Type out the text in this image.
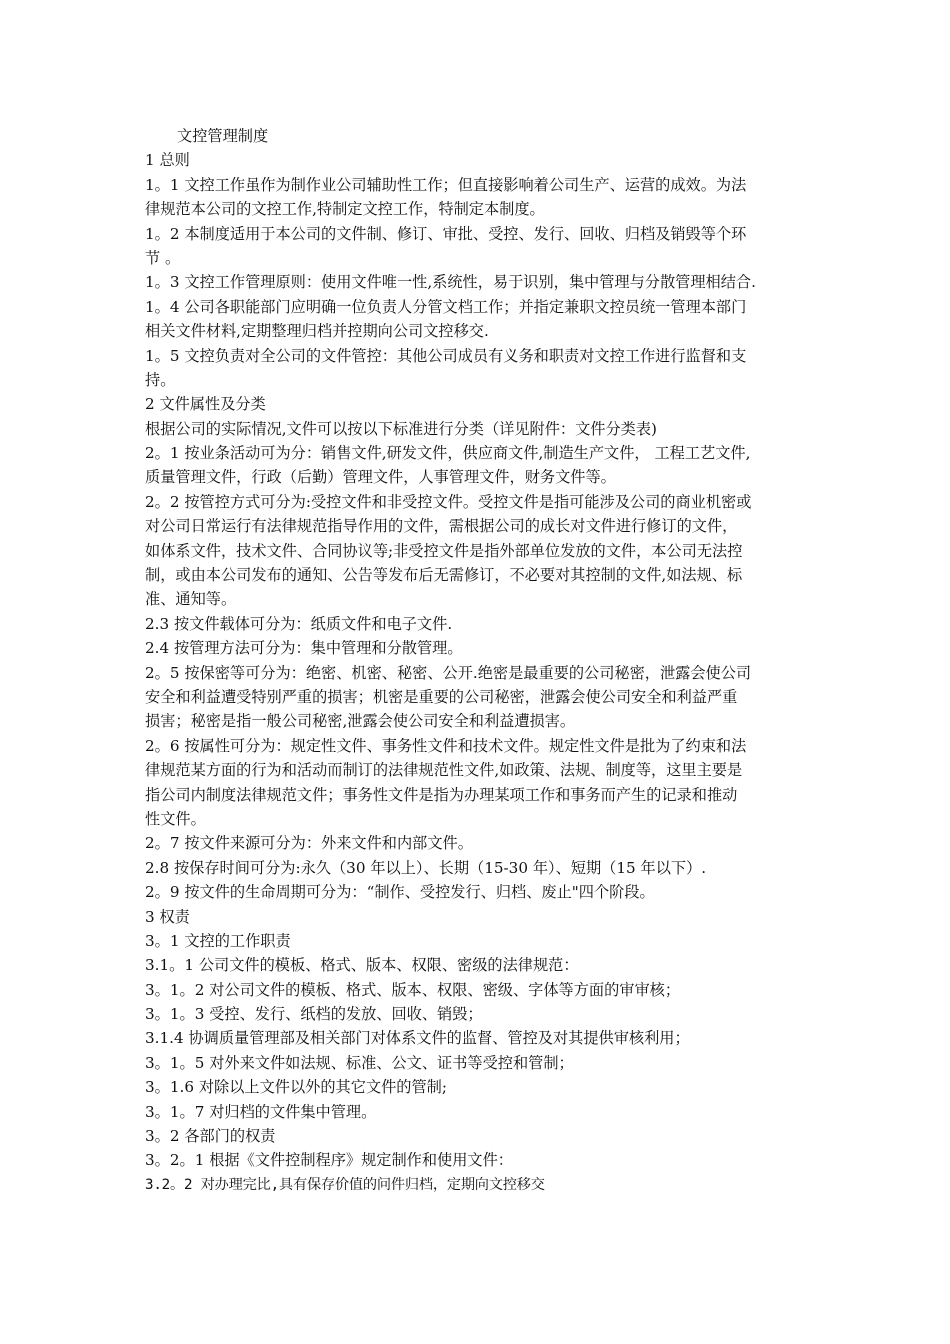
文控管理制度
1 总则
1。1 文控工作虽作为制作业公司辅助性工作；但直接影响着公司生产、运营的成效。为法
律规范本公司的文控工作,特制定文控工作，特制定本制度。
1。2 本制度适用于本公司的文件制、修订、审批、受控、发行、回收、归档及销毁等个环
节 。
1。3 文控工作管理原则：使用文件唯一性,系统性，易于识别，集中管理与分散管理相结合.
1。4 公司各职能部门应明确一位负责人分管文档工作；并指定兼职文控员统一管理本部门
相关文件材料,定期整理归档并控期向公司文控移交.
1。5 文控负责对全公司的文件管控：其他公司成员有义务和职责对文控工作进行监督和支
持。
2 文件属性及分类
根据公司的实际情况,文件可以按以下标准进行分类（详见附件：文件分类表)
2。1 按业条活动可为分：销售文件,研发文件，供应商文件,制造生产文件， 工程工艺文件,
质量管理文件，行政（后勤）管理文件，人事管理文件，财务文件等。
2。2 按管控方式可分为:受控文件和非受控文件。受控文件是指可能涉及公司的商业机密或
对公司日常运行有法律规范指导作用的文件，需根据公司的成长对文件进行修订的文件，
如体系文件，技术文件、合同协议等;非受控文件是指外部单位发放的文件，本公司无法控
制，或由本公司发布的通知、公告等发布后无需修订，不必要对其控制的文件,如法规、标
准、通知等。
2.3 按文件载体可分为：纸质文件和电子文件.
2.4 按管理方法可分为：集中管理和分散管理。
2。5 按保密等可分为：绝密、机密、秘密、公开.绝密是最重要的公司秘密，泄露会使公司
安全和利益遭受特别严重的损害；机密是重要的公司秘密，泄露会使公司安全和利益严重
损害；秘密是指一般公司秘密,泄露会使公司安全和利益遭损害。
2。6 按属性可分为：规定性文件、事务性文件和技术文件。规定性文件是批为了约束和法
律规范某方面的行为和活动而制订的法律规范性文件,如政策、法规、制度等，这里主要是
指公司内制度法律规范文件；事务性文件是指为办理某项工作和事务而产生的记录和推动
性文件。
2。7 按文件来源可分为：外来文件和内部文件。
2.8 按保存时间可分为:永久（30 年以上）、长期（15-30 年）、短期（15 年以下）.
2。9 按文件的生命周期可分为：“制作、受控发行、归档、废止"四个阶段。
3 权责
3。1 文控的工作职责
3.1。1 公司文件的模板、格式、版本、权限、密级的法律规范：
3。1。2 对公司文件的模板、格式、版本、权限、密级、字体等方面的审审核；
3。1。3 受控、发行、纸档的发放、回收、销毁；
3.1.4 协调质量管理部及相关部门对体系文件的监督、管控及对其提供审核利用；
3。1。5 对外来文件如法规、标准、公文、证书等受控和管制；
3。1.6 对除以上文件以外的其它文件的管制;
3。1。7 对归档的文件集中管理。
3。2 各部门的权责
3。2。1 根据《文件控制程序》规定制作和使用文件：
3.2。2 对办理完比,具有保存价值的问件归档，定期向文控移交
